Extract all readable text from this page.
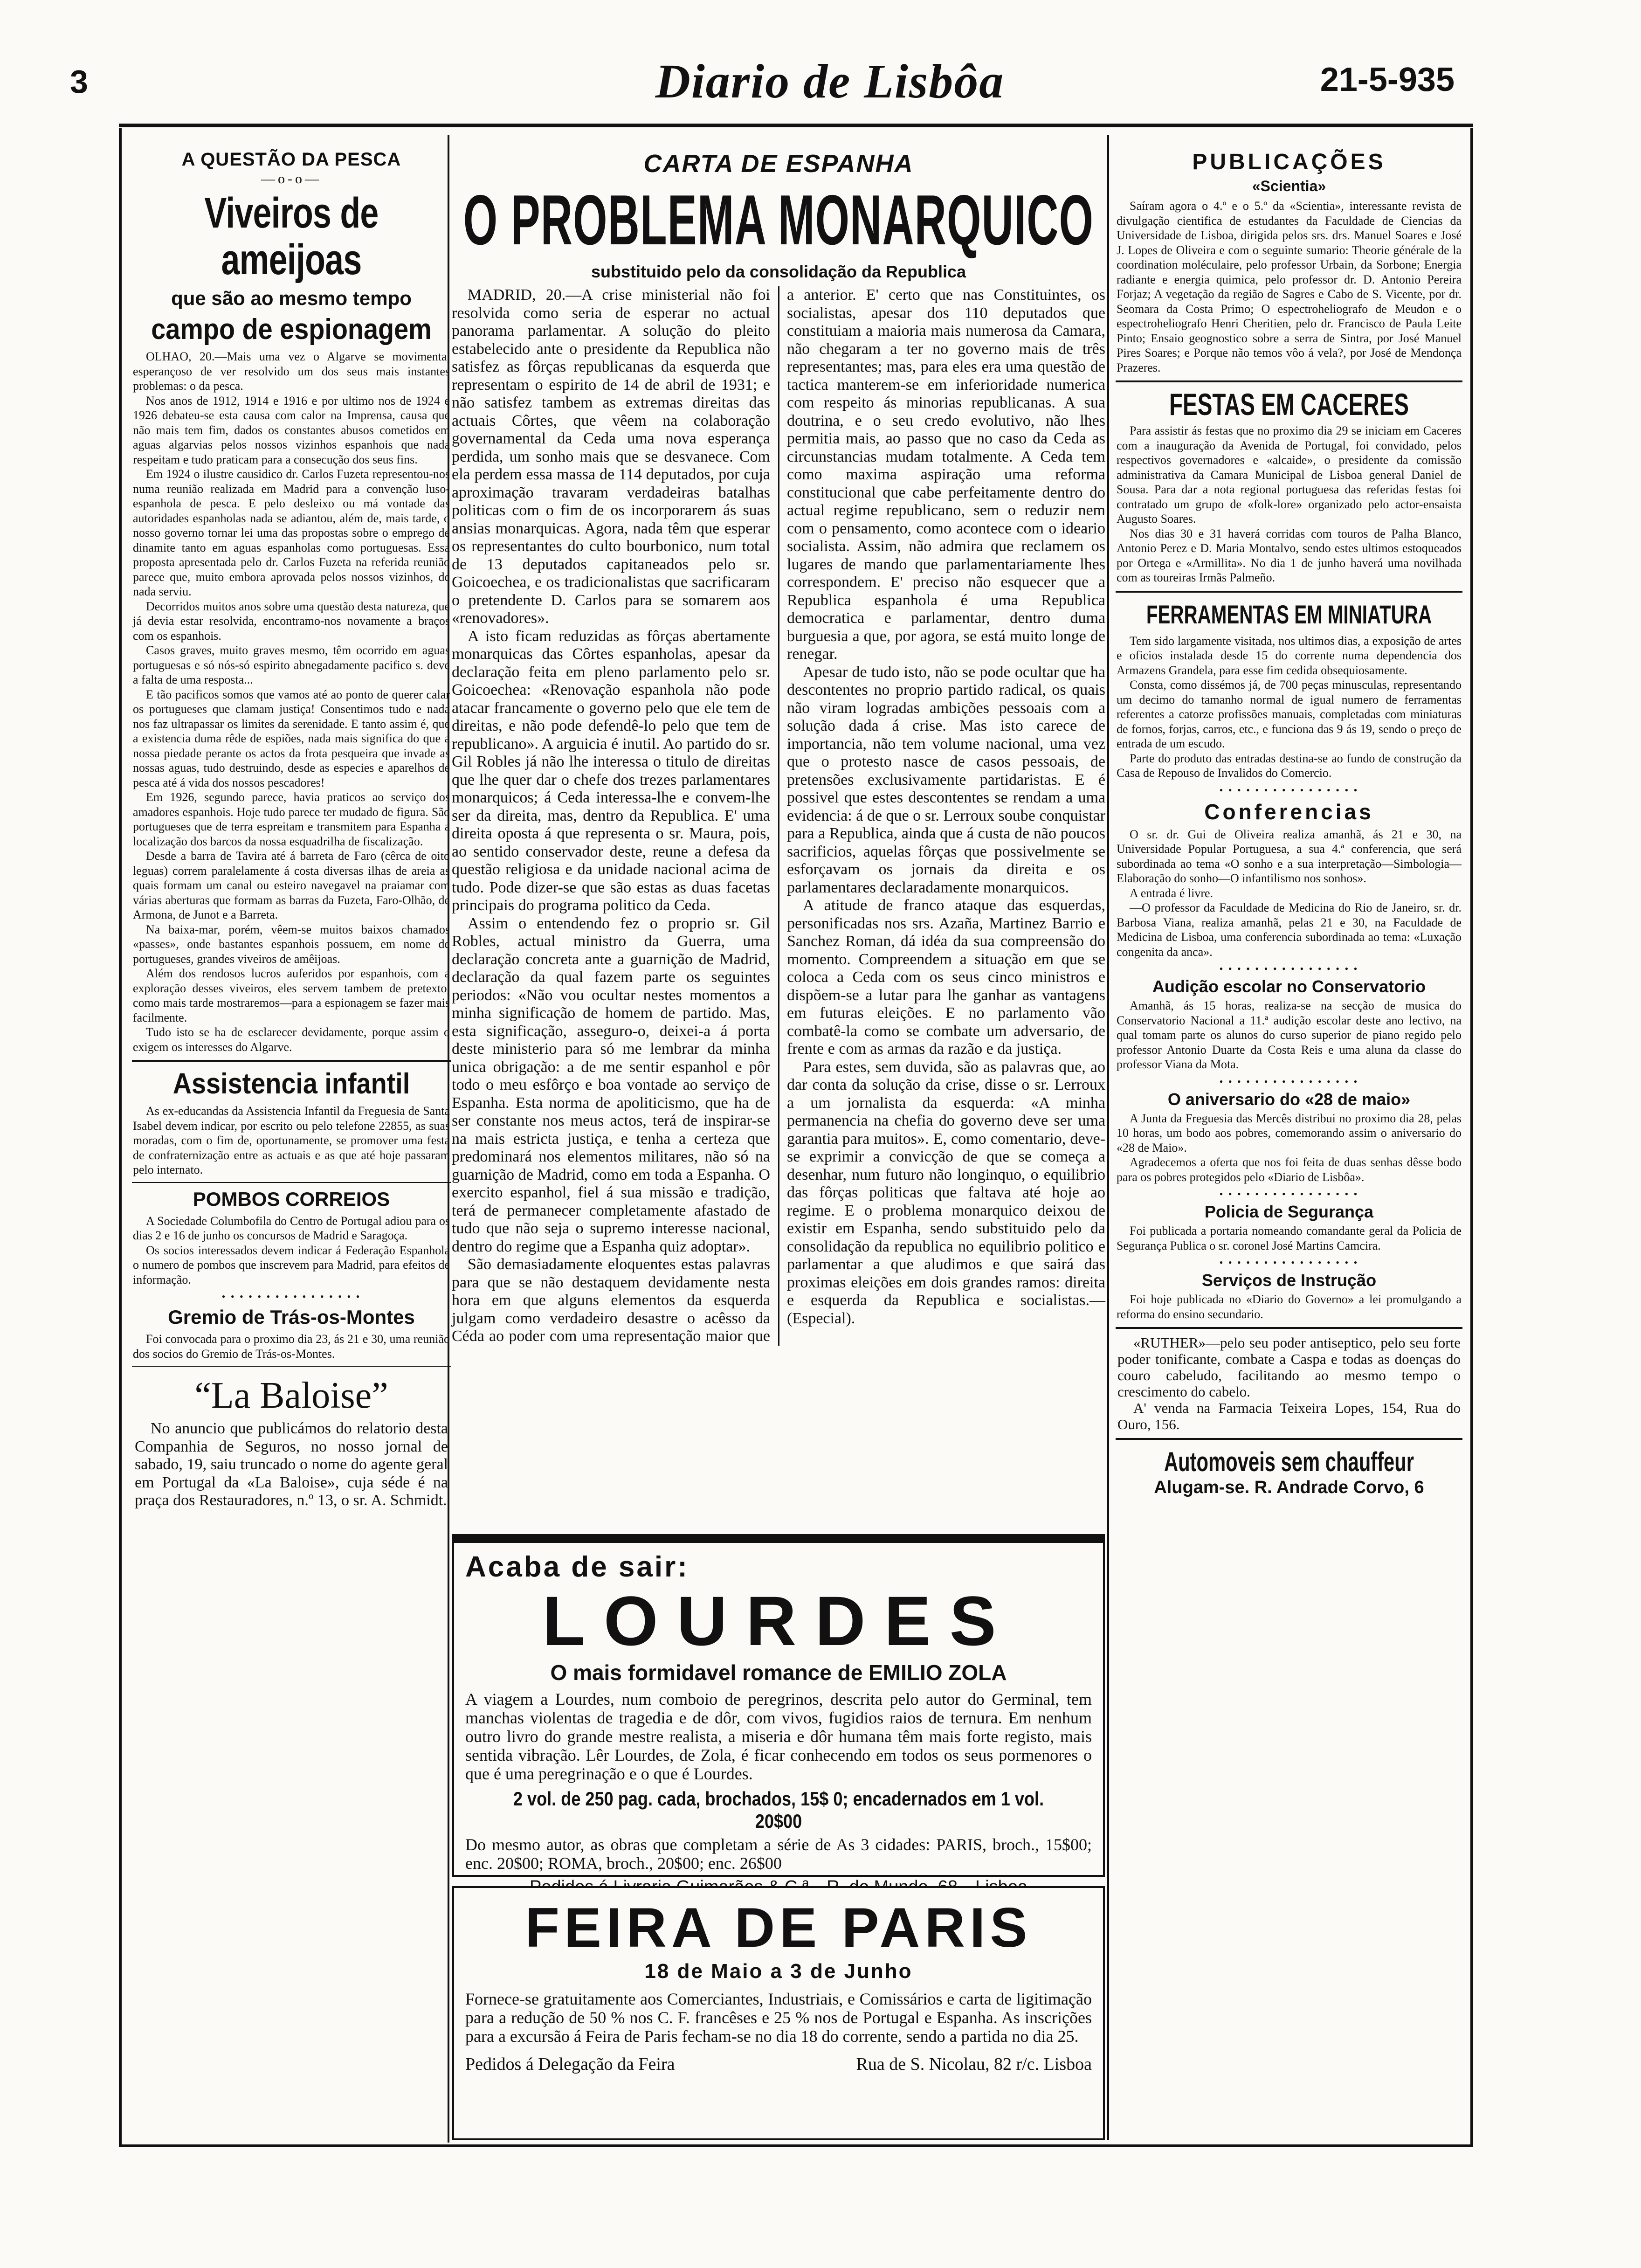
3	Diario de Lisbôa	21-5-935
A QUESTÃO DA PESCA
—o-o—
Viveiros de ameijoas
que são ao mesmo tempo
campo de espionagem

OLHAO, 20.—Mais uma vez o Algarve se movimenta, esperançoso de ver resolvido um dos seus mais instantes problemas: o da pesca.

Nos anos de 1912, 1914 e 1916 e por ultimo nos de 1924 e 1926 debateu-se esta causa com calor na Imprensa, causa que não mais tem fim, dados os constantes abusos cometidos em aguas algarvias pelos nossos vizinhos espanhois que nada respeitam e tudo praticam para a consecução dos seus fins.

Em 1924 o ilustre causidico dr. Carlos Fuzeta representou-nos numa reunião realizada em Madrid para a convenção luso-espanhola de pesca. E pelo desleixo ou má vontade das autoridades espanholas nada se adiantou, além de, mais tarde, o nosso governo tornar lei uma das propostas sobre o emprego de dinamite tanto em aguas espanholas como portuguesas. Essa proposta apresentada pelo dr. Carlos Fuzeta na referida reunião parece que, muito embora aprovada pelos nossos vizinhos, de nada serviu.

Decorridos muitos anos sobre uma questão desta natureza, que já devia estar resolvida, encontramo-nos novamente a braços com os espanhois.

Casos graves, muito graves mesmo, têm ocorrido em aguas portuguesas e só nós-só espirito abnegadamente pacifico s. deve a falta de uma resposta...

E tão pacificos somos que vamos até ao ponto de querer calar os portugueses que clamam justiça! Consentimos tudo e nada nos faz ultrapassar os limites da serenidade. E tanto assim é, que a existencia duma rêde de espiões, nada mais significa do que a nossa piedade perante os actos da frota pesqueira que invade as nossas aguas, tudo destruindo, desde as especies e aparelhos de pesca até á vida dos nossos pescadores!

Em 1926, segundo parece, havia praticos ao serviço dos amadores espanhois. Hoje tudo parece ter mudado de figura. São portugueses que de terra espreitam e transmitem para Espanha a localização dos barcos da nossa esquadrilha de fiscalização.

Desde a barra de Tavira até á barreta de Faro (cêrca de oito leguas) correm paralelamente á costa diversas ilhas de areia as quais formam um canal ou esteiro navegavel na praiamar com várias aberturas que formam as barras da Fuzeta, Faro-Olhão, de Armona, de Junot e a Barreta.

Na baixa-mar, porém, vêem-se muitos baixos chamados «passes», onde bastantes espanhois possuem, em nome de portugueses, grandes viveiros de amêijoas.

Além dos rendosos lucros auferidos por espanhois, com a exploração desses viveiros, eles servem tambem de pretexto, como mais tarde mostraremos—para a espionagem se fazer mais facilmente.

Tudo isto se ha de esclarecer devidamente, porque assim o exigem os interesses do Algarve.

Assistencia infantil

As ex-educandas da Assistencia Infantil da Freguesia de Santa Isabel devem indicar, por escrito ou pelo telefone 22855, as suas moradas, com o fim de, oportunamente, se promover uma festa de confraternização entre as actuais e as que até hoje passaram pelo internato.

POMBOS CORREIOS

A Sociedade Columbofila do Centro de Portugal adiou para os dias 2 e 16 de junho os concursos de Madrid e Saragoça.

Os socios interessados devem indicar á Federação Espanhola o numero de pombos que inscrevem para Madrid, para efeitos de informação.

• • • • • • • • • • • • • • • •
Gremio de Trás-os-Montes

Foi convocada para o proximo dia 23, ás 21 e 30, uma reunião dos socios do Gremio de Trás-os-Montes.

“La Baloise”

No anuncio que publicámos do relatorio desta Companhia de Seguros, no nosso jornal de sabado, 19, saiu truncado o nome do agente geral em Portugal da «La Baloise», cuja séde é na praça dos Restauradores, n.º 13, o sr. A. Schmidt.

CARTA DE ESPANHA
O PROBLEMA MONARQUICO
substituido pelo da consolidação da Republica

MADRID, 20.—A crise ministerial não foi resolvida como seria de esperar no actual panorama parlamentar. A solução do pleito estabelecido ante o presidente da Republica não satisfez as fôrças republicanas da esquerda que representam o espirito de 14 de abril de 1931; e não satisfez tambem as extremas direitas das actuais Côrtes, que vêem na colaboração governamental da Ceda uma nova esperança perdida, um sonho mais que se desvanece. Com ela perdem essa massa de 114 deputados, por cuja aproximação travaram verdadeiras batalhas politicas com o fim de os incorporarem ás suas ansias monarquicas. Agora, nada têm que esperar os representantes do culto bourbonico, num total de 13 deputados capitaneados pelo sr. Goicoechea, e os tradicionalistas que sacrificaram o pretendente D. Carlos para se somarem aos «renovadores».

A isto ficam reduzidas as fôrças abertamente monarquicas das Côrtes espanholas, apesar da declaração feita em pleno parlamento pelo sr. Goicoechea: «Renovação espanhola não pode atacar francamente o governo pelo que ele tem de direitas, e não pode defendê-lo pelo que tem de republicano». A arguicia é inutil. Ao partido do sr. Gil Robles já não lhe interessa o titulo de direitas que lhe quer dar o chefe dos trezes parlamentares monarquicos; á Ceda interessa-lhe e convem-lhe ser da direita, mas, dentro da Republica. E' uma direita oposta á que representa o sr. Maura, pois, ao sentido conservador deste, reune a defesa da questão religiosa e da unidade nacional acima de tudo. Pode dizer-se que são estas as duas facetas principais do programa politico da Ceda.

Assim o entendendo fez o proprio sr. Gil Robles, actual ministro da Guerra, uma declaração concreta ante a guarnição de Madrid, declaração da qual fazem parte os seguintes periodos: «Não vou ocultar nestes momentos a minha significação de homem de partido. Mas, esta significação, asseguro-o, deixei-a á porta deste ministerio para só me lembrar da minha unica obrigação: a de me sentir espanhol e pôr todo o meu esfôrço e boa vontade ao serviço de Espanha. Esta norma de apoliticismo, que ha de ser constante nos meus actos, terá de inspirar-se na mais estricta justiça, e tenha a certeza que predominará nos elementos militares, não só na guarnição de Madrid, como em toda a Espanha. O exercito espanhol, fiel á sua missão e tradição, terá de permanecer completamente afastado de tudo que não seja o supremo interesse nacional, dentro do regime que a Espanha quiz adoptar».

São demasiadamente eloquentes estas palavras para que se não destaquem devidamente nesta hora em que alguns elementos da esquerda julgam como verdadeiro desastre o acêsso da Céda ao poder com uma representação maior que a anterior. E' certo que nas Constituintes, os socialistas, apesar dos 110 deputados que constituiam a maioria mais numerosa da Camara, não chegaram a ter no governo mais de três representantes; mas, para eles era uma questão de tactica manterem-se em inferioridade numerica com respeito ás minorias republicanas. A sua doutrina, e o seu credo evolutivo, não lhes permitia mais, ao passo que no caso da Ceda as circunstancias mudam totalmente. A Ceda tem como maxima aspiração uma reforma constitucional que cabe perfeitamente dentro do actual regime republicano, sem o reduzir nem com o pensamento, como acontece com o ideario socialista. Assim, não admira que reclamem os lugares de mando que parlamentariamente lhes correspondem. E' preciso não esquecer que a Republica espanhola é uma Republica democratica e parlamentar, dentro duma burguesia a que, por agora, se está muito longe de renegar.

Apesar de tudo isto, não se pode ocultar que ha descontentes no proprio partido radical, os quais não viram logradas ambições pessoais com a solução dada á crise. Mas isto carece de importancia, não tem volume nacional, uma vez que o protesto nasce de casos pessoais, de pretensões exclusivamente partidaristas. E é possivel que estes descontentes se rendam a uma evidencia: á de que o sr. Lerroux soube conquistar para a Republica, ainda que á custa de não poucos sacrificios, aquelas fôrças que possivelmente se esforçavam os jornais da direita e os parlamentares declaradamente monarquicos.

A atitude de franco ataque das esquerdas, personificadas nos srs. Azaña, Martinez Barrio e Sanchez Roman, dá idéa da sua compreensão do momento. Compreendem a situação em que se coloca a Ceda com os seus cinco ministros e dispõem-se a lutar para lhe ganhar as vantagens em futuras eleições. E no parlamento vão combatê-la como se combate um adversario, de frente e com as armas da razão e da justiça.

Para estes, sem duvida, são as palavras que, ao dar conta da solução da crise, disse o sr. Lerroux a um jornalista da esquerda: «A minha permanencia na chefia do governo deve ser uma garantia para muitos». E, como comentario, deve-se exprimir a convicção de que se começa a desenhar, num futuro não longinquo, o equilibrio das fôrças politicas que faltava até hoje ao regime. E o problema monarquico deixou de existir em Espanha, sendo substituido pelo da consolidação da republica no equilibrio politico e parlamentar a que aludimos e que sairá das proximas eleições em dois grandes ramos: direita e esquerda da Republica e socialistas.—(Especial).

Acaba de sair:
LOURDES
O mais formidavel romance de EMILIO ZOLA
A viagem a Lourdes, num comboio de peregrinos, descrita pelo autor do Germinal, tem manchas violentas de tragedia e de dôr, com vivos, fugidios raios de ternura. Em nenhum outro livro do grande mestre realista, a miseria e dôr humana têm mais forte registo, mais sentida vibração. Lêr Lourdes, de Zola, é ficar conhecendo em todos os seus pormenores o que é uma peregrinação e o que é Lourdes.
2 vol. de 250 pag. cada, brochados, 15$ 0; encadernados em 1 vol. 20$00
Do mesmo autor, as obras que completam a série de As 3 cidades: PARIS, broch., 15$00; enc. 20$00; ROMA, broch., 20$00; enc. 26$00
FEIRA DE PARIS
18 de Maio a 3 de Junho
Fornece-se gratuitamente aos Comerciantes, Industriais, e Comissários e carta de ligitimação para a redução de 50 % nos C. F. francêses e 25 % nos de Portugal e Espanha. As inscrições para a excursão á Feira de Paris fecham-se no dia 18 do corrente, sendo a partida no dia 25.
Pedidos á Delegação da Feira	Rua de S. Nicolau, 82 r/c. Lisboa
PUBLICAÇÕES
«Scientia»

Saíram agora o 4.º e o 5.º da «Scientia», interessante revista de divulgação cientifica de estudantes da Faculdade de Ciencias da Universidade de Lisboa, dirigida pelos srs. drs. Manuel Soares e José J. Lopes de Oliveira e com o seguinte sumario: Theorie générale de la coordination moléculaire, pelo professor Urbain, da Sorbone; Energia radiante e energia quimica, pelo professor dr. D. Antonio Pereira Forjaz; A vegetação da região de Sagres e Cabo de S. Vicente, por dr. Seomara da Costa Primo; O espectroheliografo de Meudon e o espectroheliografo Henri Cheritien, pelo dr. Francisco de Paula Leite Pinto; Ensaio geognostico sobre a serra de Sintra, por José Manuel Pires Soares; e Porque não temos vôo á vela?, por José de Mendonça Prazeres.

FESTAS EM CACERES

Para assistir ás festas que no proximo dia 29 se iniciam em Caceres com a inauguração da Avenida de Portugal, foi convidado, pelos respectivos governadores e «alcaide», o presidente da comissão administrativa da Camara Municipal de Lisboa general Daniel de Sousa. Para dar a nota regional portuguesa das referidas festas foi contratado um grupo de «folk-lore» organizado pelo actor-ensaista Augusto Soares.

Nos dias 30 e 31 haverá corridas com touros de Palha Blanco, Antonio Perez e D. Maria Montalvo, sendo estes ultimos estoqueados por Ortega e «Armillita». No dia 1 de junho haverá uma novilhada com as toureiras Irmãs Palmeño.

FERRAMENTAS EM MINIATURA

Tem sido largamente visitada, nos ultimos dias, a exposição de artes e oficios instalada desde 15 do corrente numa dependencia dos Armazens Grandela, para esse fim cedida obsequiosamente.

Consta, como dissémos já, de 700 peças minusculas, representando um decimo do tamanho normal de igual numero de ferramentas referentes a catorze profissões manuais, completadas com miniaturas de fornos, forjas, carros, etc., e funciona das 9 ás 19, sendo o preço de entrada de um escudo.

Parte do produto das entradas destina-se ao fundo de construção da Casa de Repouso de Invalidos do Comercio.

• • • • • • • • • • • • • • • •
Conferencias

O sr. dr. Gui de Oliveira realiza amanhã, ás 21 e 30, na Universidade Popular Portuguesa, a sua 4.ª conferencia, que será subordinada ao tema «O sonho e a sua interpretação—Simbologia—Elaboração do sonho—O infantilismo nos sonhos».

A entrada é livre.

—O professor da Faculdade de Medicina do Rio de Janeiro, sr. dr. Barbosa Viana, realiza amanhã, pelas 21 e 30, na Faculdade de Medicina de Lisboa, uma conferencia subordinada ao tema: «Luxação congenita da anca».

• • • • • • • • • • • • • • • •
Audição escolar no Conservatorio

Amanhã, ás 15 horas, realiza-se na secção de musica do Conservatorio Nacional a 11.ª audição escolar deste ano lectivo, na qual tomam parte os alunos do curso superior de piano regido pelo professor Antonio Duarte da Costa Reis e uma aluna da classe do professor Viana da Mota.

• • • • • • • • • • • • • • • •
O aniversario do «28 de maio»

A Junta da Freguesia das Mercês distribui no proximo dia 28, pelas 10 horas, um bodo aos pobres, comemorando assim o aniversario do «28 de Maio».

Agradecemos a oferta que nos foi feita de duas senhas dêsse bodo para os pobres protegidos pelo «Diario de Lisbôa».

• • • • • • • • • • • • • • • •
Policia de Segurança

Foi publicada a portaria nomeando comandante geral da Policia de Segurança Publica o sr. coronel José Martins Camcira.

• • • • • • • • • • • • • • • •
Serviços de Instrução

Foi hoje publicada no «Diario do Governo» a lei promulgando a reforma do ensino secundario.

«RUTHER»—pelo seu poder antiseptico, pelo seu forte poder tonificante, combate a Caspa e todas as doenças do couro cabeludo, facilitando ao mesmo tempo o crescimento do cabelo.

A' venda na Farmacia Teixeira Lopes, 154, Rua do Ouro, 156.

Automoveis sem chauffeur
Alugam-se. R. Andrade Corvo, 6
